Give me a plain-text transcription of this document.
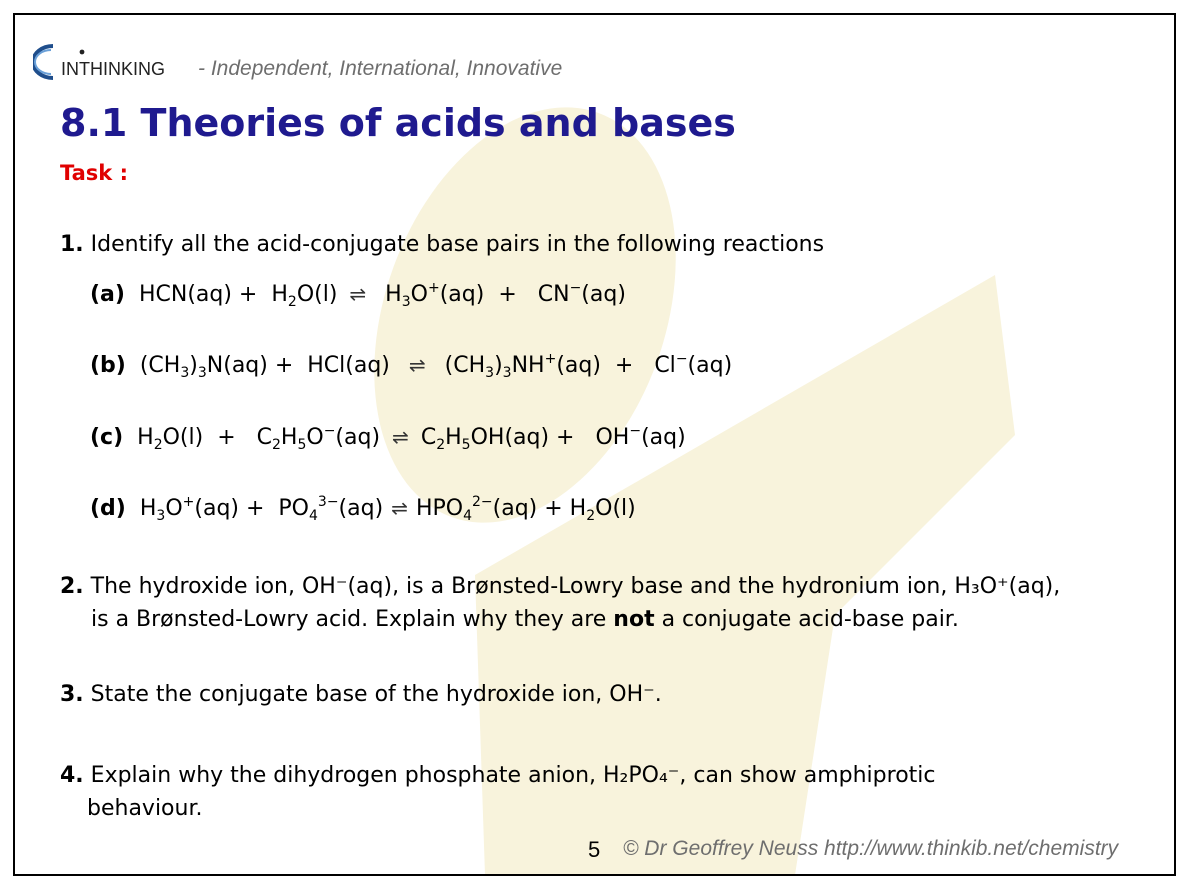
INTHINKING - Independent, International, Innovative
8.1 Theories of acids and bases
Task :
1. Identify all the acid-conjugate base pairs in the following reactions
(a)  $HCN(aq) + H_2O(l)$ ⇌ $H_3O^+(aq) + CN^-(aq)$
(b)  $(CH_3)_3N(aq) + HCl(aq)$ ⇌ $(CH_3)_3NH^+(aq) + Cl^-(aq)$
(c)  $H_2O(l) + C_2H_5O^-(aq)$ ⇌ $C_2H_5OH(aq) + OH^-(aq)$
(d)  $H_3O^+(aq) + PO_4^{3-}(aq)$ ⇌ $HPO_4^{2-}(aq) + H_2O(l)$
2. The hydroxide ion, OH⁻(aq), is a Brønsted-Lowry base and the hydronium ion, H₃O⁺(aq),
is a Brønsted-Lowry acid. Explain why they are not a conjugate acid-base pair.
3. State the conjugate base of the hydroxide ion, OH⁻.
4. Explain why the dihydrogen phosphate anion, H₂PO₄⁻, can show amphiprotic
behaviour.
5 © Dr Geoffrey Neuss http://www.thinkib.net/chemistry
